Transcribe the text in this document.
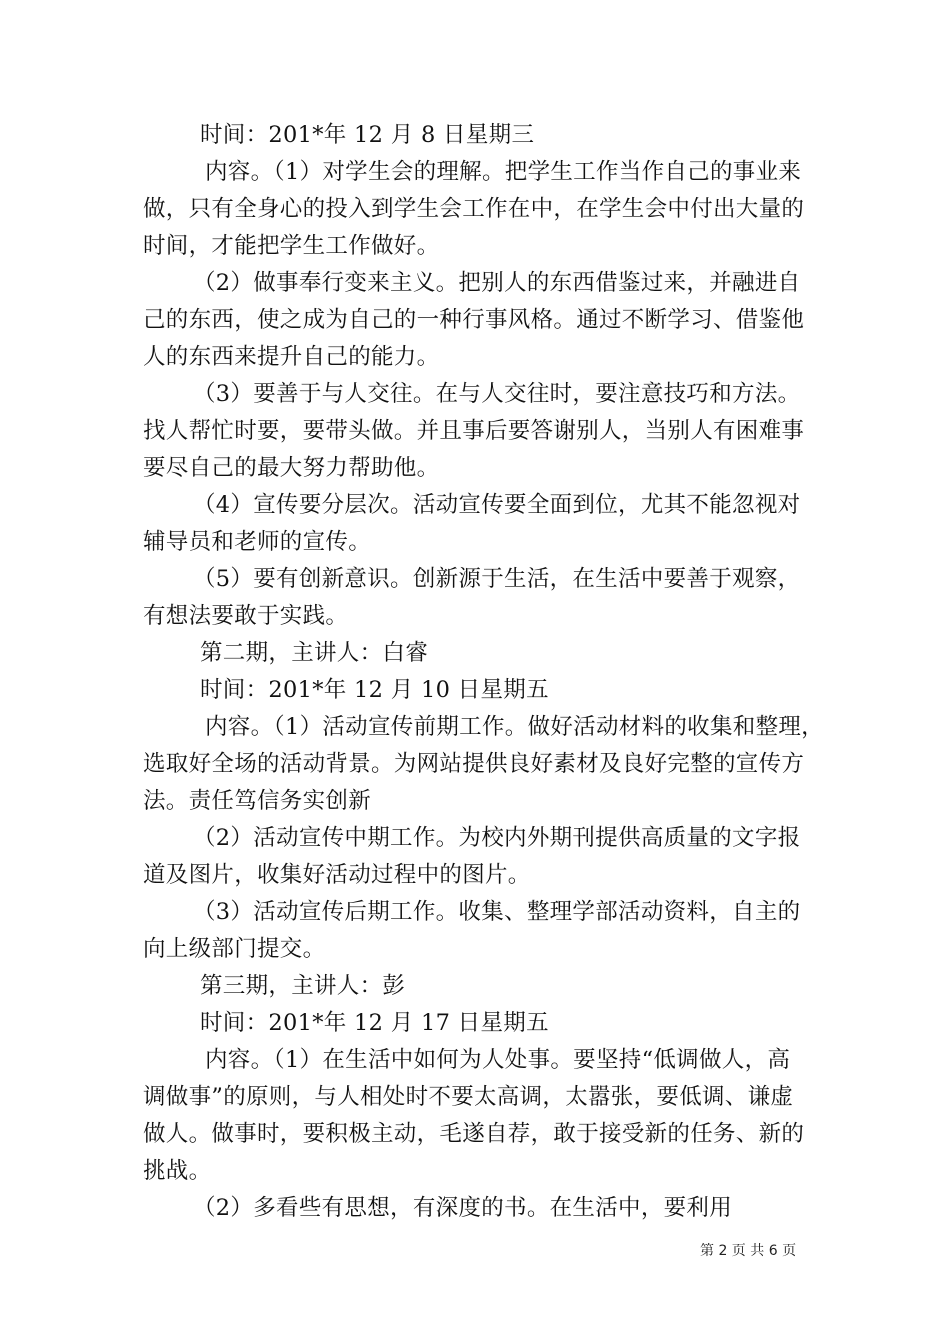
时间：201*年 12 月 8 日星期三
内容。（1）对学生会的理解。把学生工作当作自己的事业来
做，只有全身心的投入到学生会工作在中，在学生会中付出大量的
时间，才能把学生工作做好。
（2）做事奉行变来主义。把别人的东西借鉴过来，并融进自
己的东西，使之成为自己的一种行事风格。通过不断学习、借鉴他
人的东西来提升自己的能力。
（3）要善于与人交往。在与人交往时，要注意技巧和方法。
找人帮忙时要，要带头做。并且事后要答谢别人，当别人有困难事
要尽自己的最大努力帮助他。
（4）宣传要分层次。活动宣传要全面到位，尤其不能忽视对
辅导员和老师的宣传。
（5）要有创新意识。创新源于生活，在生活中要善于观察，
有想法要敢于实践。
第二期，主讲人：白睿
时间：201*年 12 月 10 日星期五
内容。（1）活动宣传前期工作。做好活动材料的收集和整理，
选取好全场的活动背景。为网站提供良好素材及良好完整的宣传方
法。责任笃信务实创新
（2）活动宣传中期工作。为校内外期刊提供高质量的文字报
道及图片，收集好活动过程中的图片。
（3）活动宣传后期工作。收集、整理学部活动资料，自主的
向上级部门提交。
第三期，主讲人：彭
时间：201*年 12 月 17 日星期五
内容。（1）在生活中如何为人处事。要坚持“低调做人，高
调做事”的原则，与人相处时不要太高调，太嚣张，要低调、谦虚
做人。做事时，要积极主动，毛遂自荐，敢于接受新的任务、新的
挑战。
（2）多看些有思想，有深度的书。在生活中，要利用
第 2 页 共 6 页
